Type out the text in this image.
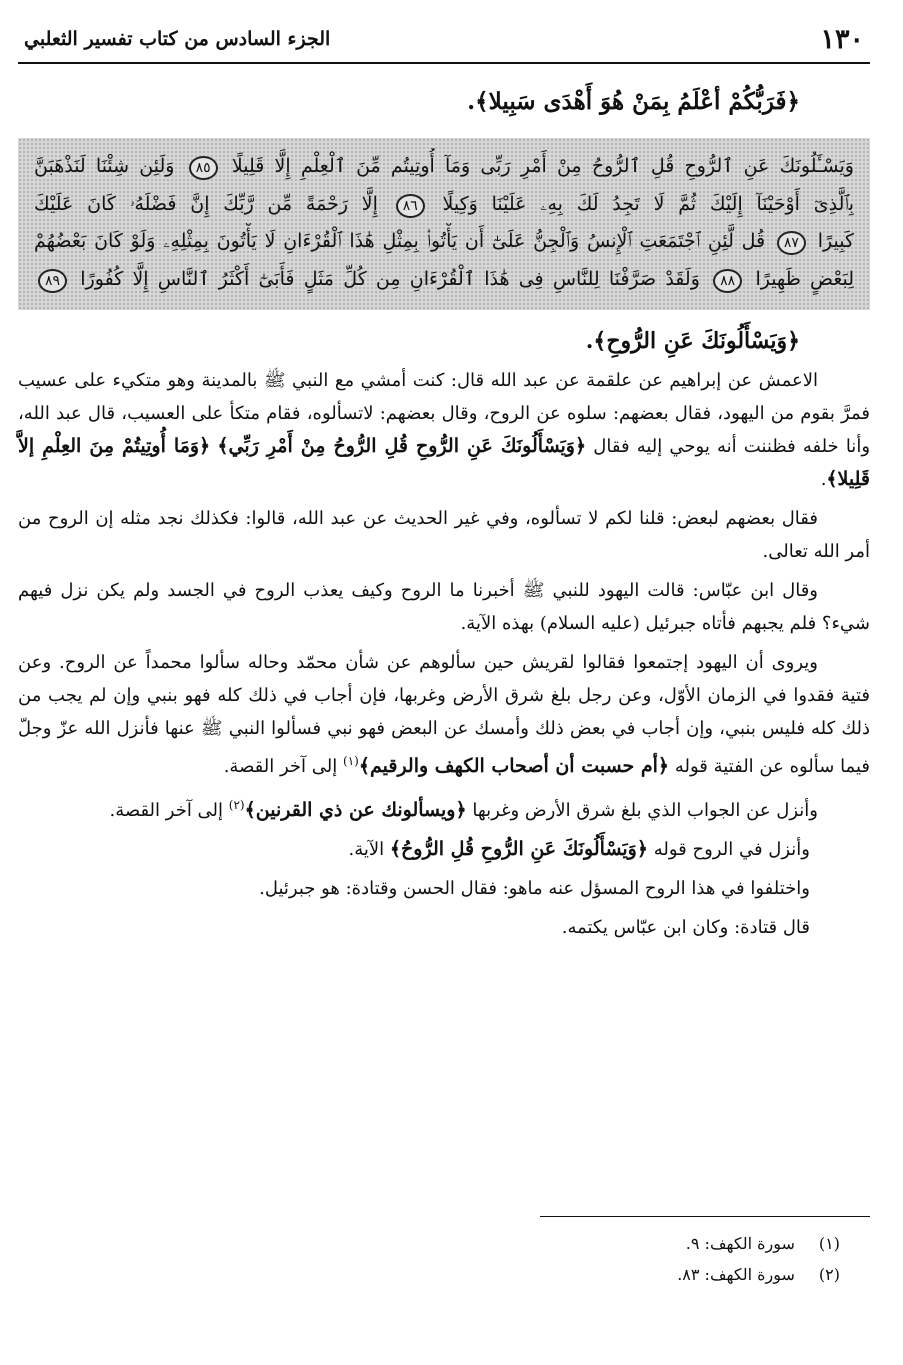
١٣٠
الجزء السادس من كتاب تفسير الثعلبي
﴿فَرَبُّكُمْ أعْلَمُ بِمَنْ هُوَ أَهْدَى سَبِيلا﴾.
وَيَسْـَٔلُونَكَ عَنِ ٱلرُّوحِ قُلِ ٱلرُّوحُ مِنْ أَمْرِ رَبِّى وَمَآ أُوتِيتُم مِّنَ ٱلْعِلْمِ إِلَّا قَلِيلًا ٨٥ وَلَئِن شِئْنَا لَنَذْهَبَنَّ
بِٱلَّذِىٓ أَوْحَيْنَآ إِلَيْكَ ثُمَّ لَا تَجِدُ لَكَ بِهِۦ عَلَيْنَا وَكِيلًا ٨٦ إِلَّا رَحْمَةً مِّن رَّبِّكَ إِنَّ فَضْلَهُۥ كَانَ عَلَيْكَ
كَبِيرًا ٨٧ قُل لَّئِنِ ٱجْتَمَعَتِ ٱلْإِنسُ وَٱلْجِنُّ عَلَىٰٓ أَن يَأْتُوا۟ بِمِثْلِ هَٰذَا ٱلْقُرْءَانِ لَا يَأْتُونَ بِمِثْلِهِۦ وَلَوْ كَانَ بَعْضُهُمْ
لِبَعْضٍ ظَهِيرًا ٨٨ وَلَقَدْ صَرَّفْنَا لِلنَّاسِ فِى هَٰذَا ٱلْقُرْءَانِ مِن كُلِّ مَثَلٍ فَأَبَىٰٓ أَكْثَرُ ٱلنَّاسِ إِلَّا كُفُورًا ٨٩
﴿وَيَسْأَلُونَكَ عَنِ الرُّوحِ﴾.

الاعمش عن إبراهيم عن علقمة عن عبد الله قال: كنت أمشي مع النبي ﷺ بالمدينة وهو متكيء على عسيب فمرَّ بقوم من اليهود، فقال بعضهم: سلوه عن الروح، وقال بعضهم: لاتسألوه، فقام متكأ على العسيب، قال عبد الله، وأنا خلفه فظننت أنه يوحي إليه فقال ﴿وَيَسْأَلُونَكَ عَنِ الرُّوحِ قُلِ الرُّوحُ مِنْ أَمْرِ رَبِّي﴾ ﴿وَمَا أُوتِيتُمْ مِنَ العِلْمِ إلاَّ قَلِيلا﴾.

فقال بعضهم لبعض: قلنا لكم لا تسألوه، وفي غير الحديث عن عبد الله، قالوا: فكذلك نجد مثله إن الروح من أمر الله تعالى.

وقال ابن عبّاس: قالت اليهود للنبي ﷺ أخبرنا ما الروح وكيف يعذب الروح في الجسد ولم يكن نزل فيهم شيء؟ فلم يجبهم فأتاه جبرئيل (عليه السلام) بهذه الآية.

ويروى أن اليهود إجتمعوا فقالوا لقريش حين سألوهم عن شأن محمّد وحاله سألوا محمداً عن الروح. وعن فتية فقدوا في الزمان الأوّل، وعن رجل بلغ شرق الأرض وغربها، فإن أجاب في ذلك كله فهو بنبي وإن لم يجب من ذلك كله فليس بنبي، وإن أجاب في بعض ذلك وأمسك عن البعض فهو نبي فسألوا النبي ﷺ عنها فأنزل الله عزّ وجلّ فيما سألوه عن الفتية قوله ﴿أم حسبت أن أصحاب الكهف والرقيم﴾$^{(١)}$ إلى آخر القصة.

وأنزل عن الجواب الذي بلغ شرق الأرض وغربها ﴿ويسألونك عن ذي القرنين﴾$^{(٢)}$ إلى آخر القصة.

وأنزل في الروح قوله ﴿وَيَسْأَلُونَكَ عَنِ الرُّوحِ قُلِ الرُّوحُ﴾ الآية.
واختلفوا في هذا الروح المسؤل عنه ماهو: فقال الحسن وقتادة: هو جبرئيل.
قال قتادة: وكان ابن عبّاس يكتمه.
(١) سورة الكهف: ٩.
(٢) سورة الكهف: ٨٣.
